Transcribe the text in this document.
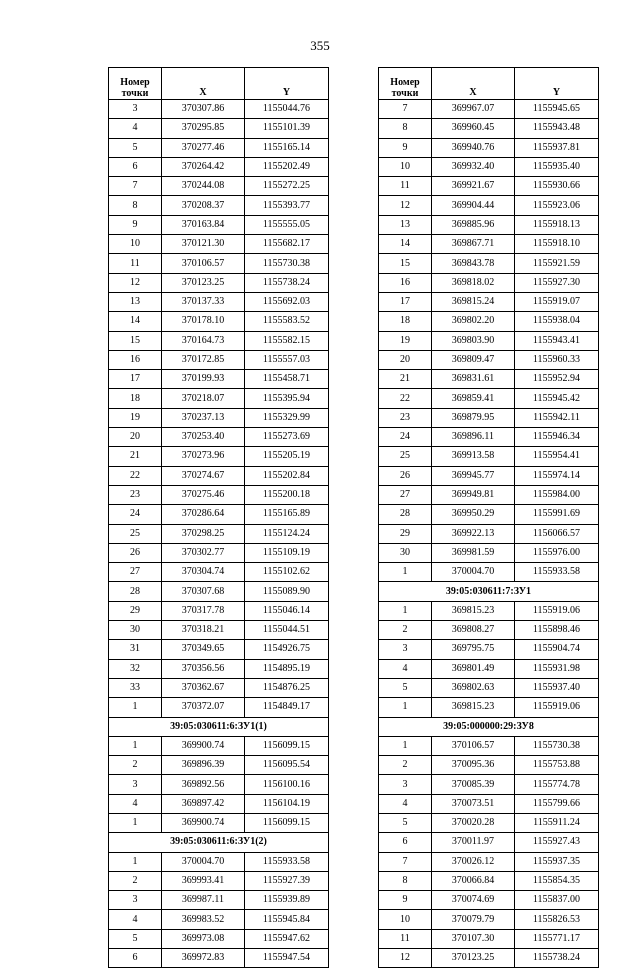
355
Номер
точки	X	Y
3	370307.86	1155044.76
4	370295.85	1155101.39
5	370277.46	1155165.14
6	370264.42	1155202.49
7	370244.08	1155272.25
8	370208.37	1155393.77
9	370163.84	1155555.05
10	370121.30	1155682.17
11	370106.57	1155730.38
12	370123.25	1155738.24
13	370137.33	1155692.03
14	370178.10	1155583.52
15	370164.73	1155582.15
16	370172.85	1155557.03
17	370199.93	1155458.71
18	370218.07	1155395.94
19	370237.13	1155329.99
20	370253.40	1155273.69
21	370273.96	1155205.19
22	370274.67	1155202.84
23	370275.46	1155200.18
24	370286.64	1155165.89
25	370298.25	1155124.24
26	370302.77	1155109.19
27	370304.74	1155102.62
28	370307.68	1155089.90
29	370317.78	1155046.14
30	370318.21	1155044.51
31	370349.65	1154926.75
32	370356.56	1154895.19
33	370362.67	1154876.25
1	370372.07	1154849.17
39:05:030611:6:ЗУ1(1)		
1	369900.74	1156099.15
2	369896.39	1156095.54
3	369892.56	1156100.16
4	369897.42	1156104.19
1	369900.74	1156099.15
39:05:030611:6:ЗУ1(2)		
1	370004.70	1155933.58
2	369993.41	1155927.39
3	369987.11	1155939.89
4	369983.52	1155945.84
5	369973.08	1155947.62
6	369972.83	1155947.54
Номер
точки	X	Y
7	369967.07	1155945.65
8	369960.45	1155943.48
9	369940.76	1155937.81
10	369932.40	1155935.40
11	369921.67	1155930.66
12	369904.44	1155923.06
13	369885.96	1155918.13
14	369867.71	1155918.10
15	369843.78	1155921.59
16	369818.02	1155927.30
17	369815.24	1155919.07
18	369802.20	1155938.04
19	369803.90	1155943.41
20	369809.47	1155960.33
21	369831.61	1155952.94
22	369859.41	1155945.42
23	369879.95	1155942.11
24	369896.11	1155946.34
25	369913.58	1155954.41
26	369945.77	1155974.14
27	369949.81	1155984.00
28	369950.29	1155991.69
29	369922.13	1156066.57
30	369981.59	1155976.00
1	370004.70	1155933.58
39:05:030611:7:ЗУ1		
1	369815.23	1155919.06
2	369808.27	1155898.46
3	369795.75	1155904.74
4	369801.49	1155931.98
5	369802.63	1155937.40
1	369815.23	1155919.06
39:05:000000:29:ЗУ8		
1	370106.57	1155730.38
2	370095.36	1155753.88
3	370085.39	1155774.78
4	370073.51	1155799.66
5	370020.28	1155911.24
6	370011.97	1155927.43
7	370026.12	1155937.35
8	370066.84	1155854.35
9	370074.69	1155837.00
10	370079.79	1155826.53
11	370107.30	1155771.17
12	370123.25	1155738.24
